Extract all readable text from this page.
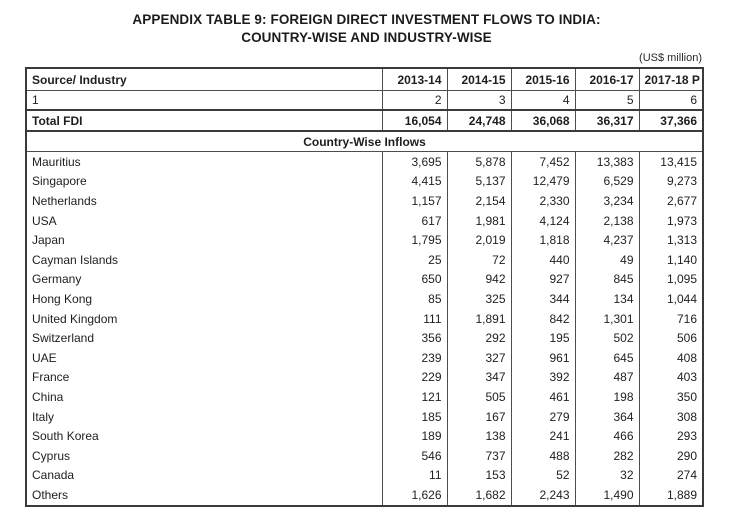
APPENDIX TABLE 9: FOREIGN DIRECT INVESTMENT FLOWS TO INDIA:
COUNTRY-WISE AND INDUSTRY-WISE
(US$ million)
Source/ Industry	2013-14	2014-15	2015-16	2016-17	2017-18 P
1	2	3	4	5	6
Total FDI	16,054	24,748	36,068	36,317	37,366
Country-Wise Inflows					
Mauritius	3,695	5,878	7,452	13,383	13,415
Singapore	4,415	5,137	12,479	6,529	9,273
Netherlands	1,157	2,154	2,330	3,234	2,677
USA	617	1,981	4,124	2,138	1,973
Japan	1,795	2,019	1,818	4,237	1,313
Cayman Islands	25	72	440	49	1,140
Germany	650	942	927	845	1,095
Hong Kong	85	325	344	134	1,044
United Kingdom	111	1,891	842	1,301	716
Switzerland	356	292	195	502	506
UAE	239	327	961	645	408
France	229	347	392	487	403
China	121	505	461	198	350
Italy	185	167	279	364	308
South Korea	189	138	241	466	293
Cyprus	546	737	488	282	290
Canada	11	153	52	32	274
Others	1,626	1,682	2,243	1,490	1,889
